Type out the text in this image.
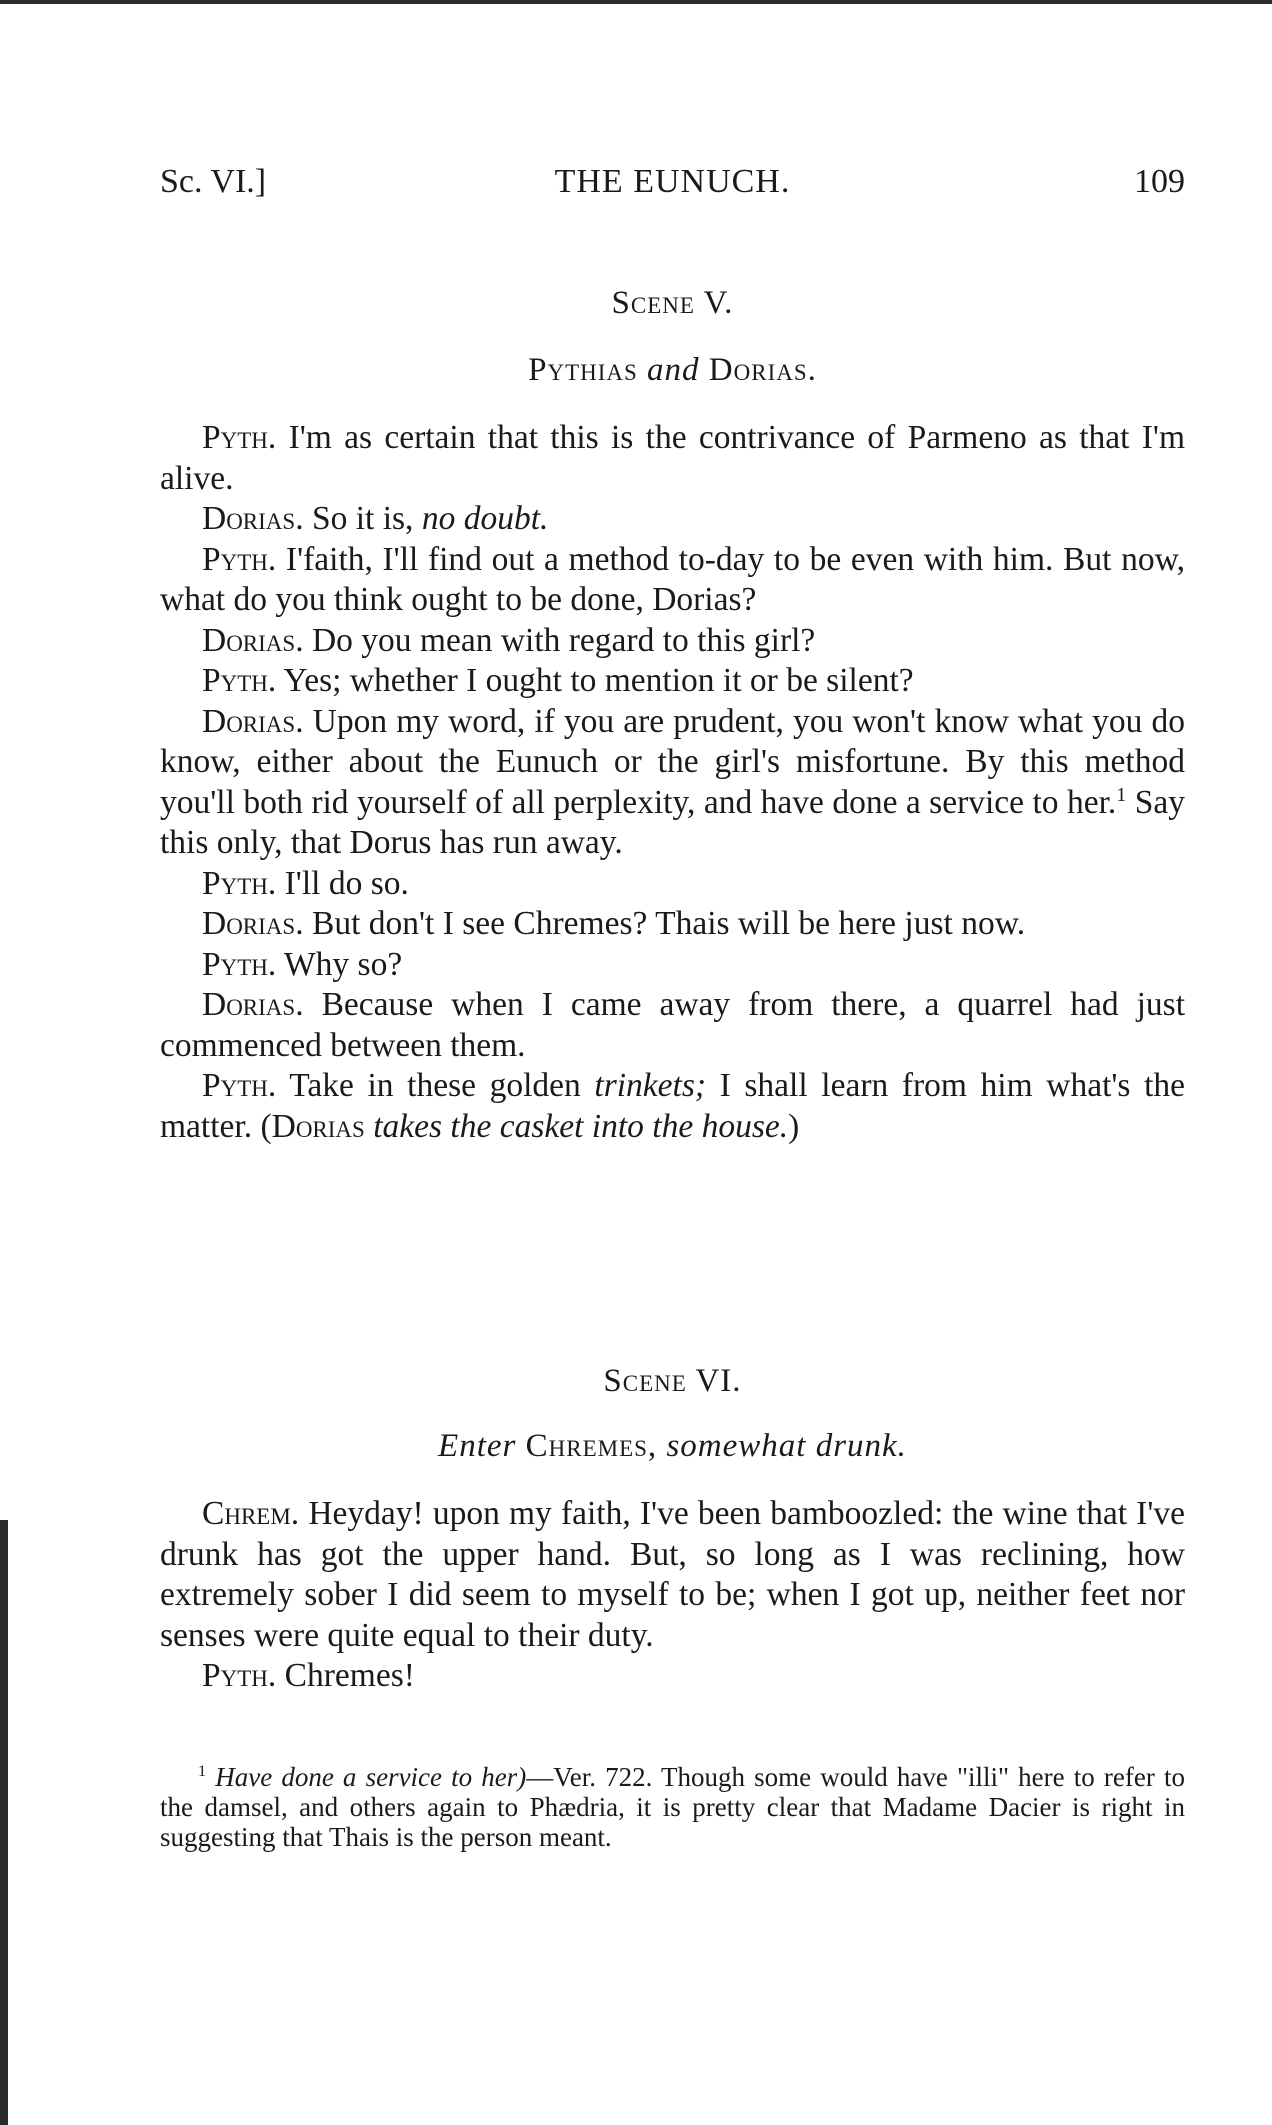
Sc. VI.]	THE EUNUCH.	109
Scene V.
Pythias and Dorias.

Pyth. I'm as certain that this is the contrivance of Parmeno as that I'm alive.

Dorias. So it is, no doubt.

Pyth. I'faith, I'll find out a method to-day to be even with him. But now, what do you think ought to be done, Dorias?

Dorias. Do you mean with regard to this girl?

Pyth. Yes; whether I ought to mention it or be silent?

Dorias. Upon my word, if you are prudent, you won't know what you do know, either about the Eunuch or the girl's misfortune. By this method you'll both rid yourself of all perplexity, and have done a service to her.$^1$ Say this only, that Dorus has run away.

Pyth. I'll do so.

Dorias. But don't I see Chremes? Thais will be here just now.

Pyth. Why so?

Dorias. Because when I came away from there, a quarrel had just commenced between them.

Pyth. Take in these golden trinkets; I shall learn from him what's the matter. (Dorias takes the casket into the house.)

Scene VI.
Enter Chremes, somewhat drunk.

Chrem. Heyday! upon my faith, I've been bamboozled: the wine that I've drunk has got the upper hand. But, so long as I was reclining, how extremely sober I did seem to myself to be; when I got up, neither feet nor senses were quite equal to their duty.

Pyth. Chremes!

$^1$ Have done a service to her)—Ver. 722. Though some would have "illi" here to refer to the damsel, and others again to Phædria, it is pretty clear that Madame Dacier is right in suggesting that Thais is the person meant.
